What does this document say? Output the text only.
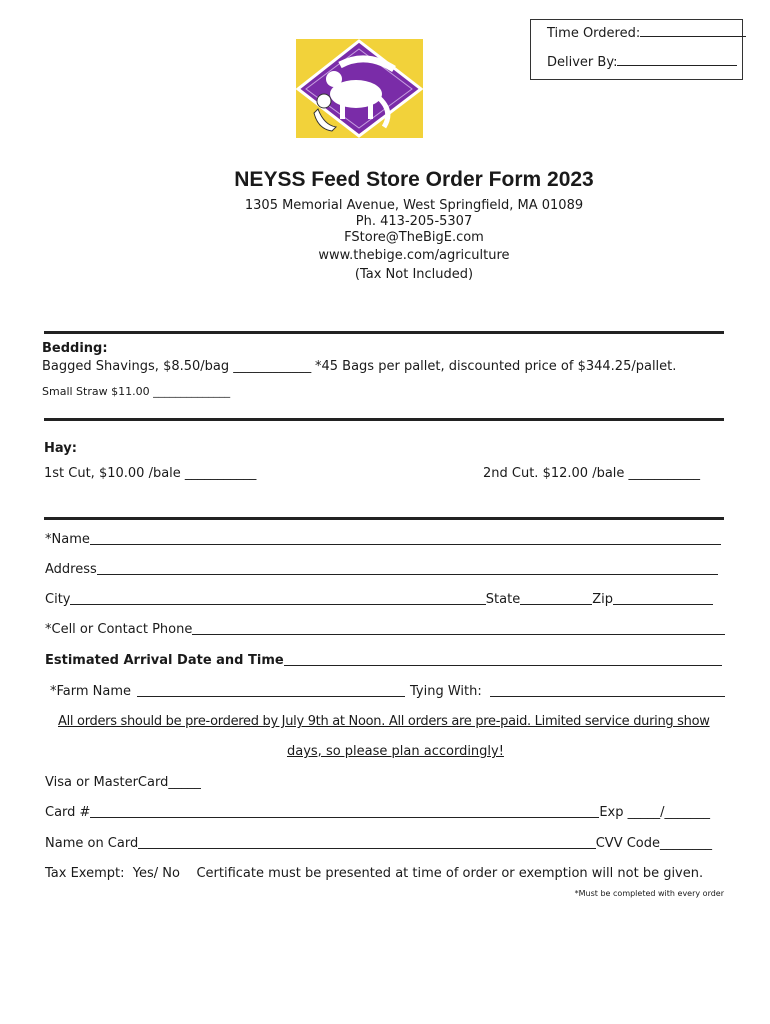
Time Ordered:
Deliver By:
NEYSS Feed Store Order Form 2023
1305 Memorial Avenue, West Springfield, MA 01089
Ph. 413-205-5307
FStore@TheBigE.com
www.thebige.com/agriculture
(Tax Not Included)
Bedding:
Bagged Shavings, $8.50/bag ____________ *45 Bags per pallet, discounted price of $344.25/pallet.
Small Straw $11.00 ______________
Hay:
1st Cut, $10.00 /bale ___________	2nd Cut. $12.00 /bale ___________
*Name
Address
City	State	Zip
*Cell or Contact Phone
Estimated Arrival Date and Time
*Farm Name	Tying With:
All orders should be pre-ordered by July 9th at Noon. All orders are pre-paid. Limited service during show
days, so please plan accordingly!
Visa or MasterCard_____
Card #	Exp _____/_______
Name on Card	CVV Code________
Tax Exempt:  Yes/ No    Certificate must be presented at time of order or exemption will not be given.
*Must be completed with every order
